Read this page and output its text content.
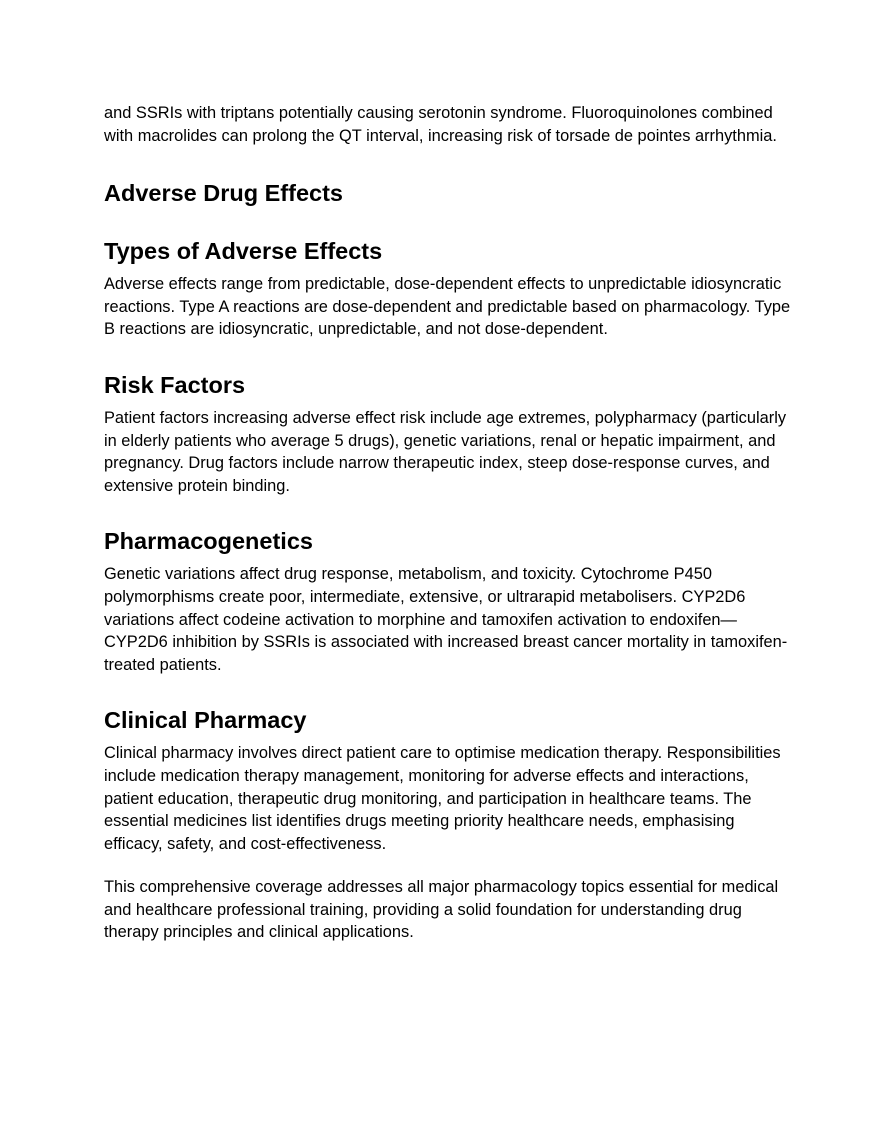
and SSRIs with triptans potentially causing serotonin syndrome. Fluoroquinolones combined with macrolides can prolong the QT interval, increasing risk of torsade de pointes arrhythmia.

Adverse Drug Effects
Types of Adverse Effects

Adverse effects range from predictable, dose-dependent effects to unpredictable idiosyncratic reactions. Type A reactions are dose-dependent and predictable based on pharmacology. Type B reactions are idiosyncratic, unpredictable, and not dose-dependent.

Risk Factors

Patient factors increasing adverse effect risk include age extremes, polypharmacy (particularly in elderly patients who average 5 drugs), genetic variations, renal or hepatic impairment, and pregnancy. Drug factors include narrow therapeutic index, steep dose-response curves, and extensive protein binding.

Pharmacogenetics

Genetic variations affect drug response, metabolism, and toxicity. Cytochrome P450 polymorphisms create poor, intermediate, extensive, or ultrarapid metabolisers. CYP2D6 variations affect codeine activation to morphine and tamoxifen activation to endoxifen—CYP2D6 inhibition by SSRIs is associated with increased breast cancer mortality in tamoxifen-treated patients.

Clinical Pharmacy

Clinical pharmacy involves direct patient care to optimise medication therapy. Responsibilities include medication therapy management, monitoring for adverse effects and interactions, patient education, therapeutic drug monitoring, and participation in healthcare teams. The essential medicines list identifies drugs meeting priority healthcare needs, emphasising efficacy, safety, and cost-effectiveness.

This comprehensive coverage addresses all major pharmacology topics essential for medical and healthcare professional training, providing a solid foundation for understanding drug therapy principles and clinical applications.
